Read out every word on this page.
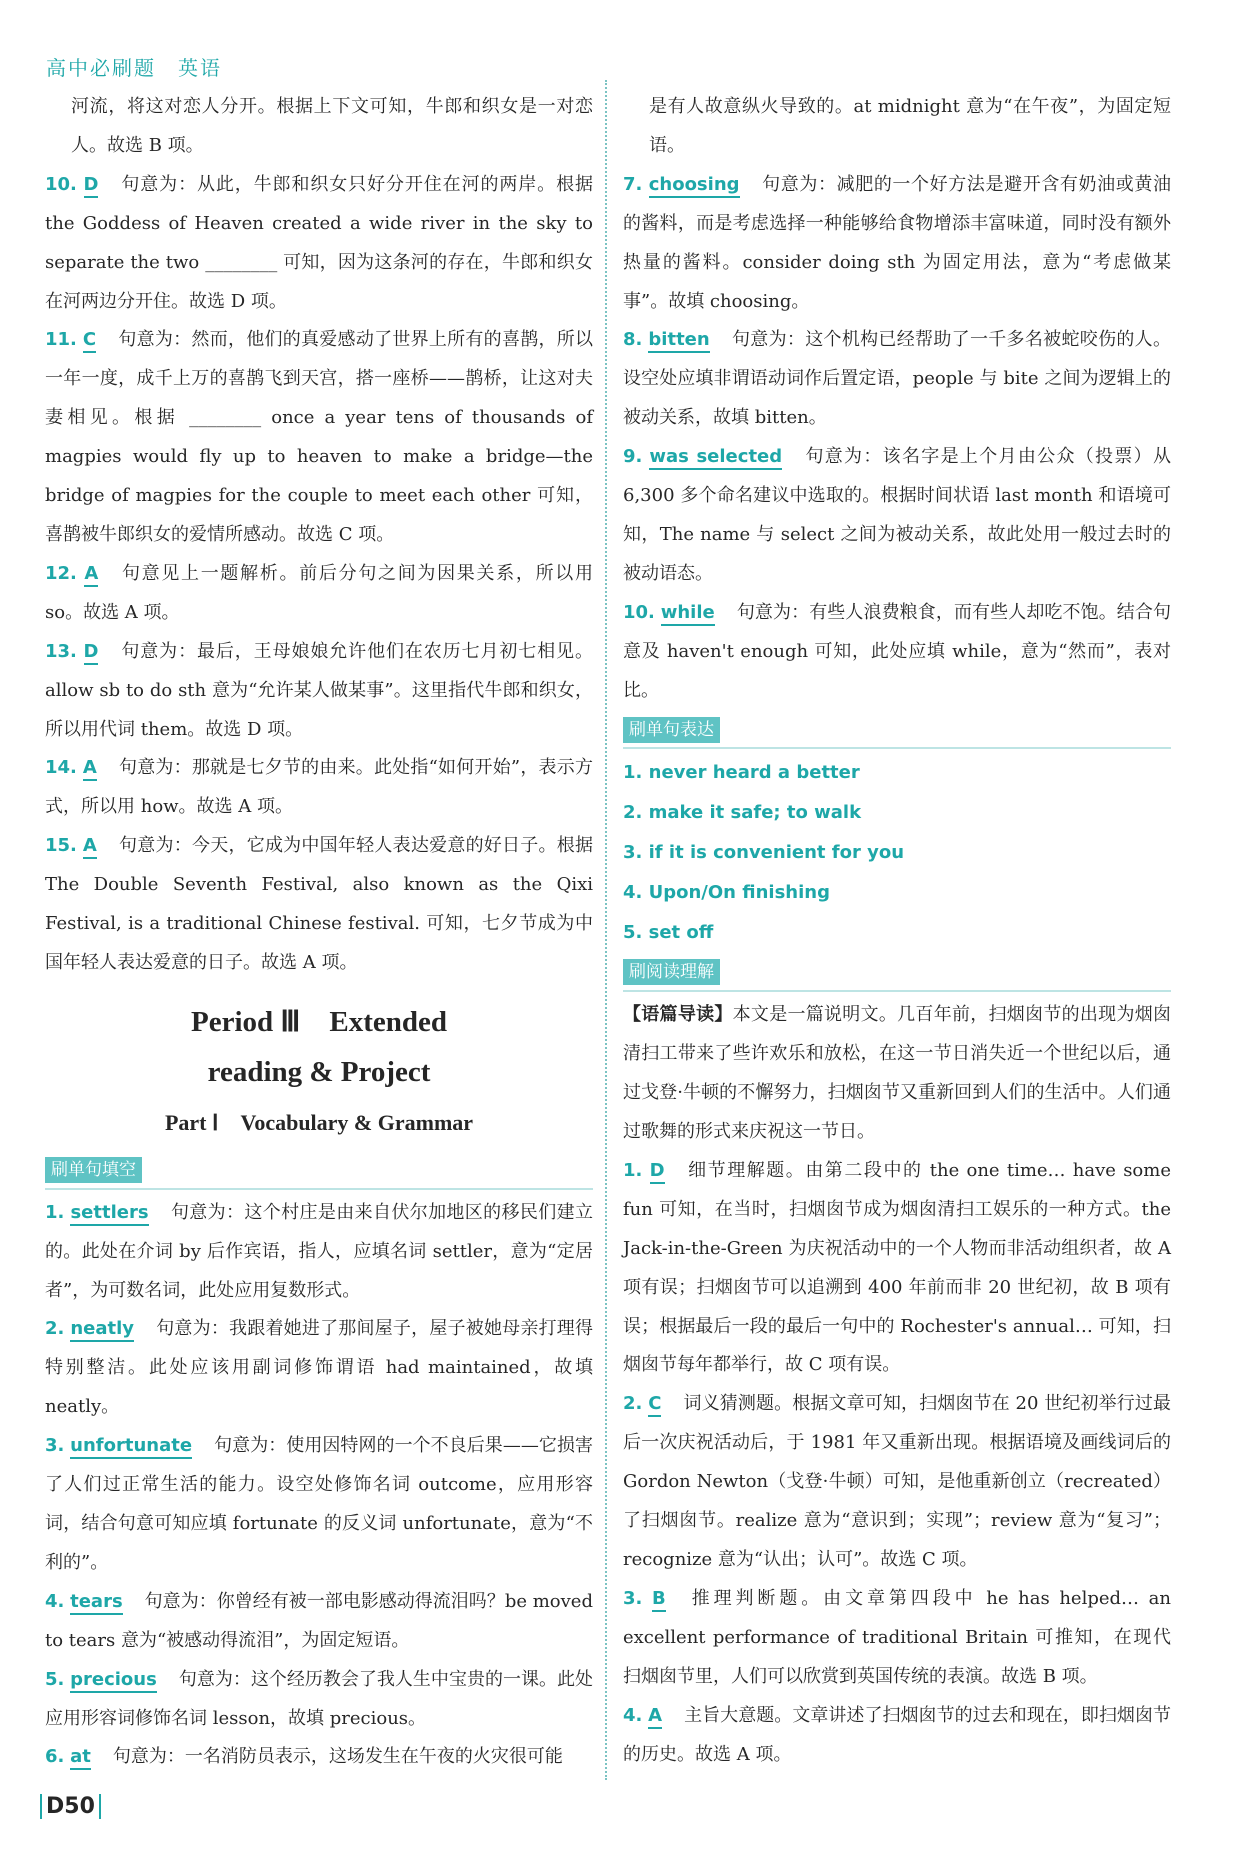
高中必刷题　英语

河流，将这对恋人分开。根据上下文可知，牛郎和织女是一对恋人。故选 B 项。

10. D 句意为：从此，牛郎和织女只好分开住在河的两岸。根据 the Goddess of Heaven created a wide river in the sky to separate the two ________ 可知，因为这条河的存在，牛郎和织女在河两边分开住。故选 D 项。

11. C 句意为：然而，他们的真爱感动了世界上所有的喜鹊，所以一年一度，成千上万的喜鹊飞到天宫，搭一座桥——鹊桥，让这对夫妻相见。根据 ________ once a year tens of thousands of magpies would fly up to heaven to make a bridge—the bridge of magpies for the couple to meet each other 可知，喜鹊被牛郎织女的爱情所感动。故选 C 项。

12. A 句意见上一题解析。前后分句之间为因果关系，所以用 so。故选 A 项。

13. D 句意为：最后，王母娘娘允许他们在农历七月初七相见。allow sb to do sth 意为“允许某人做某事”。这里指代牛郎和织女，所以用代词 them。故选 D 项。

14. A 句意为：那就是七夕节的由来。此处指“如何开始”，表示方式，所以用 how。故选 A 项。

15. A 句意为：今天，它成为中国年轻人表达爱意的好日子。根据 The Double Seventh Festival, also known as the Qixi Festival, is a traditional Chinese festival. 可知，七夕节成为中国年轻人表达爱意的日子。故选 A 项。

Period Ⅲ　Extended
reading & Project
Part Ⅰ　Vocabulary & Grammar
刷单句填空

1. settlers 句意为：这个村庄是由来自伏尔加地区的移民们建立的。此处在介词 by 后作宾语，指人，应填名词 settler，意为“定居者”，为可数名词，此处应用复数形式。

2. neatly 句意为：我跟着她进了那间屋子，屋子被她母亲打理得特别整洁。此处应该用副词修饰谓语 had maintained，故填 neatly。

3. unfortunate 句意为：使用因特网的一个不良后果——它损害了人们过正常生活的能力。设空处修饰名词 outcome，应用形容词，结合句意可知应填 fortunate 的反义词 unfortunate，意为“不利的”。

4. tears 句意为：你曾经有被一部电影感动得流泪吗？be moved to tears 意为“被感动得流泪”，为固定短语。

5. precious 句意为：这个经历教会了我人生中宝贵的一课。此处应用形容词修饰名词 lesson，故填 precious。

6. at 句意为：一名消防员表示，这场发生在午夜的火灾很可能

是有人故意纵火导致的。at midnight 意为“在午夜”，为固定短语。

7. choosing 句意为：减肥的一个好方法是避开含有奶油或黄油的酱料，而是考虑选择一种能够给食物增添丰富味道，同时没有额外热量的酱料。consider doing sth 为固定用法，意为“考虑做某事”。故填 choosing。

8. bitten 句意为：这个机构已经帮助了一千多名被蛇咬伤的人。设空处应填非谓语动词作后置定语，people 与 bite 之间为逻辑上的被动关系，故填 bitten。

9. was selected 句意为：该名字是上个月由公众（投票）从 6,300 多个命名建议中选取的。根据时间状语 last month 和语境可知，The name 与 select 之间为被动关系，故此处用一般过去时的被动语态。

10. while 句意为：有些人浪费粮食，而有些人却吃不饱。结合句意及 haven't enough 可知，此处应填 while，意为“然而”，表对比。

刷单句表达
1. never heard a better
2. make it safe; to walk
3. if it is convenient for you
4. Upon/On finishing
5. set off
刷阅读理解

【语篇导读】本文是一篇说明文。几百年前，扫烟囱节的出现为烟囱清扫工带来了些许欢乐和放松，在这一节日消失近一个世纪以后，通过戈登·牛顿的不懈努力，扫烟囱节又重新回到人们的生活中。人们通过歌舞的形式来庆祝这一节日。

1. D 细节理解题。由第二段中的 the one time… have some fun 可知，在当时，扫烟囱节成为烟囱清扫工娱乐的一种方式。the Jack-in-the-Green 为庆祝活动中的一个人物而非活动组织者，故 A 项有误；扫烟囱节可以追溯到 400 年前而非 20 世纪初，故 B 项有误；根据最后一段的最后一句中的 Rochester's annual… 可知，扫烟囱节每年都举行，故 C 项有误。

2. C 词义猜测题。根据文章可知，扫烟囱节在 20 世纪初举行过最后一次庆祝活动后，于 1981 年又重新出现。根据语境及画线词后的 Gordon Newton（戈登·牛顿）可知，是他重新创立（recreated）了扫烟囱节。realize 意为“意识到；实现”；review 意为“复习”；recognize 意为“认出；认可”。故选 C 项。

3. B 推理判断题。由文章第四段中 he has helped… an excellent performance of traditional Britain 可推知，在现代扫烟囱节里，人们可以欣赏到英国传统的表演。故选 B 项。

4. A 主旨大意题。文章讲述了扫烟囱节的过去和现在，即扫烟囱节的历史。故选 A 项。

D50
